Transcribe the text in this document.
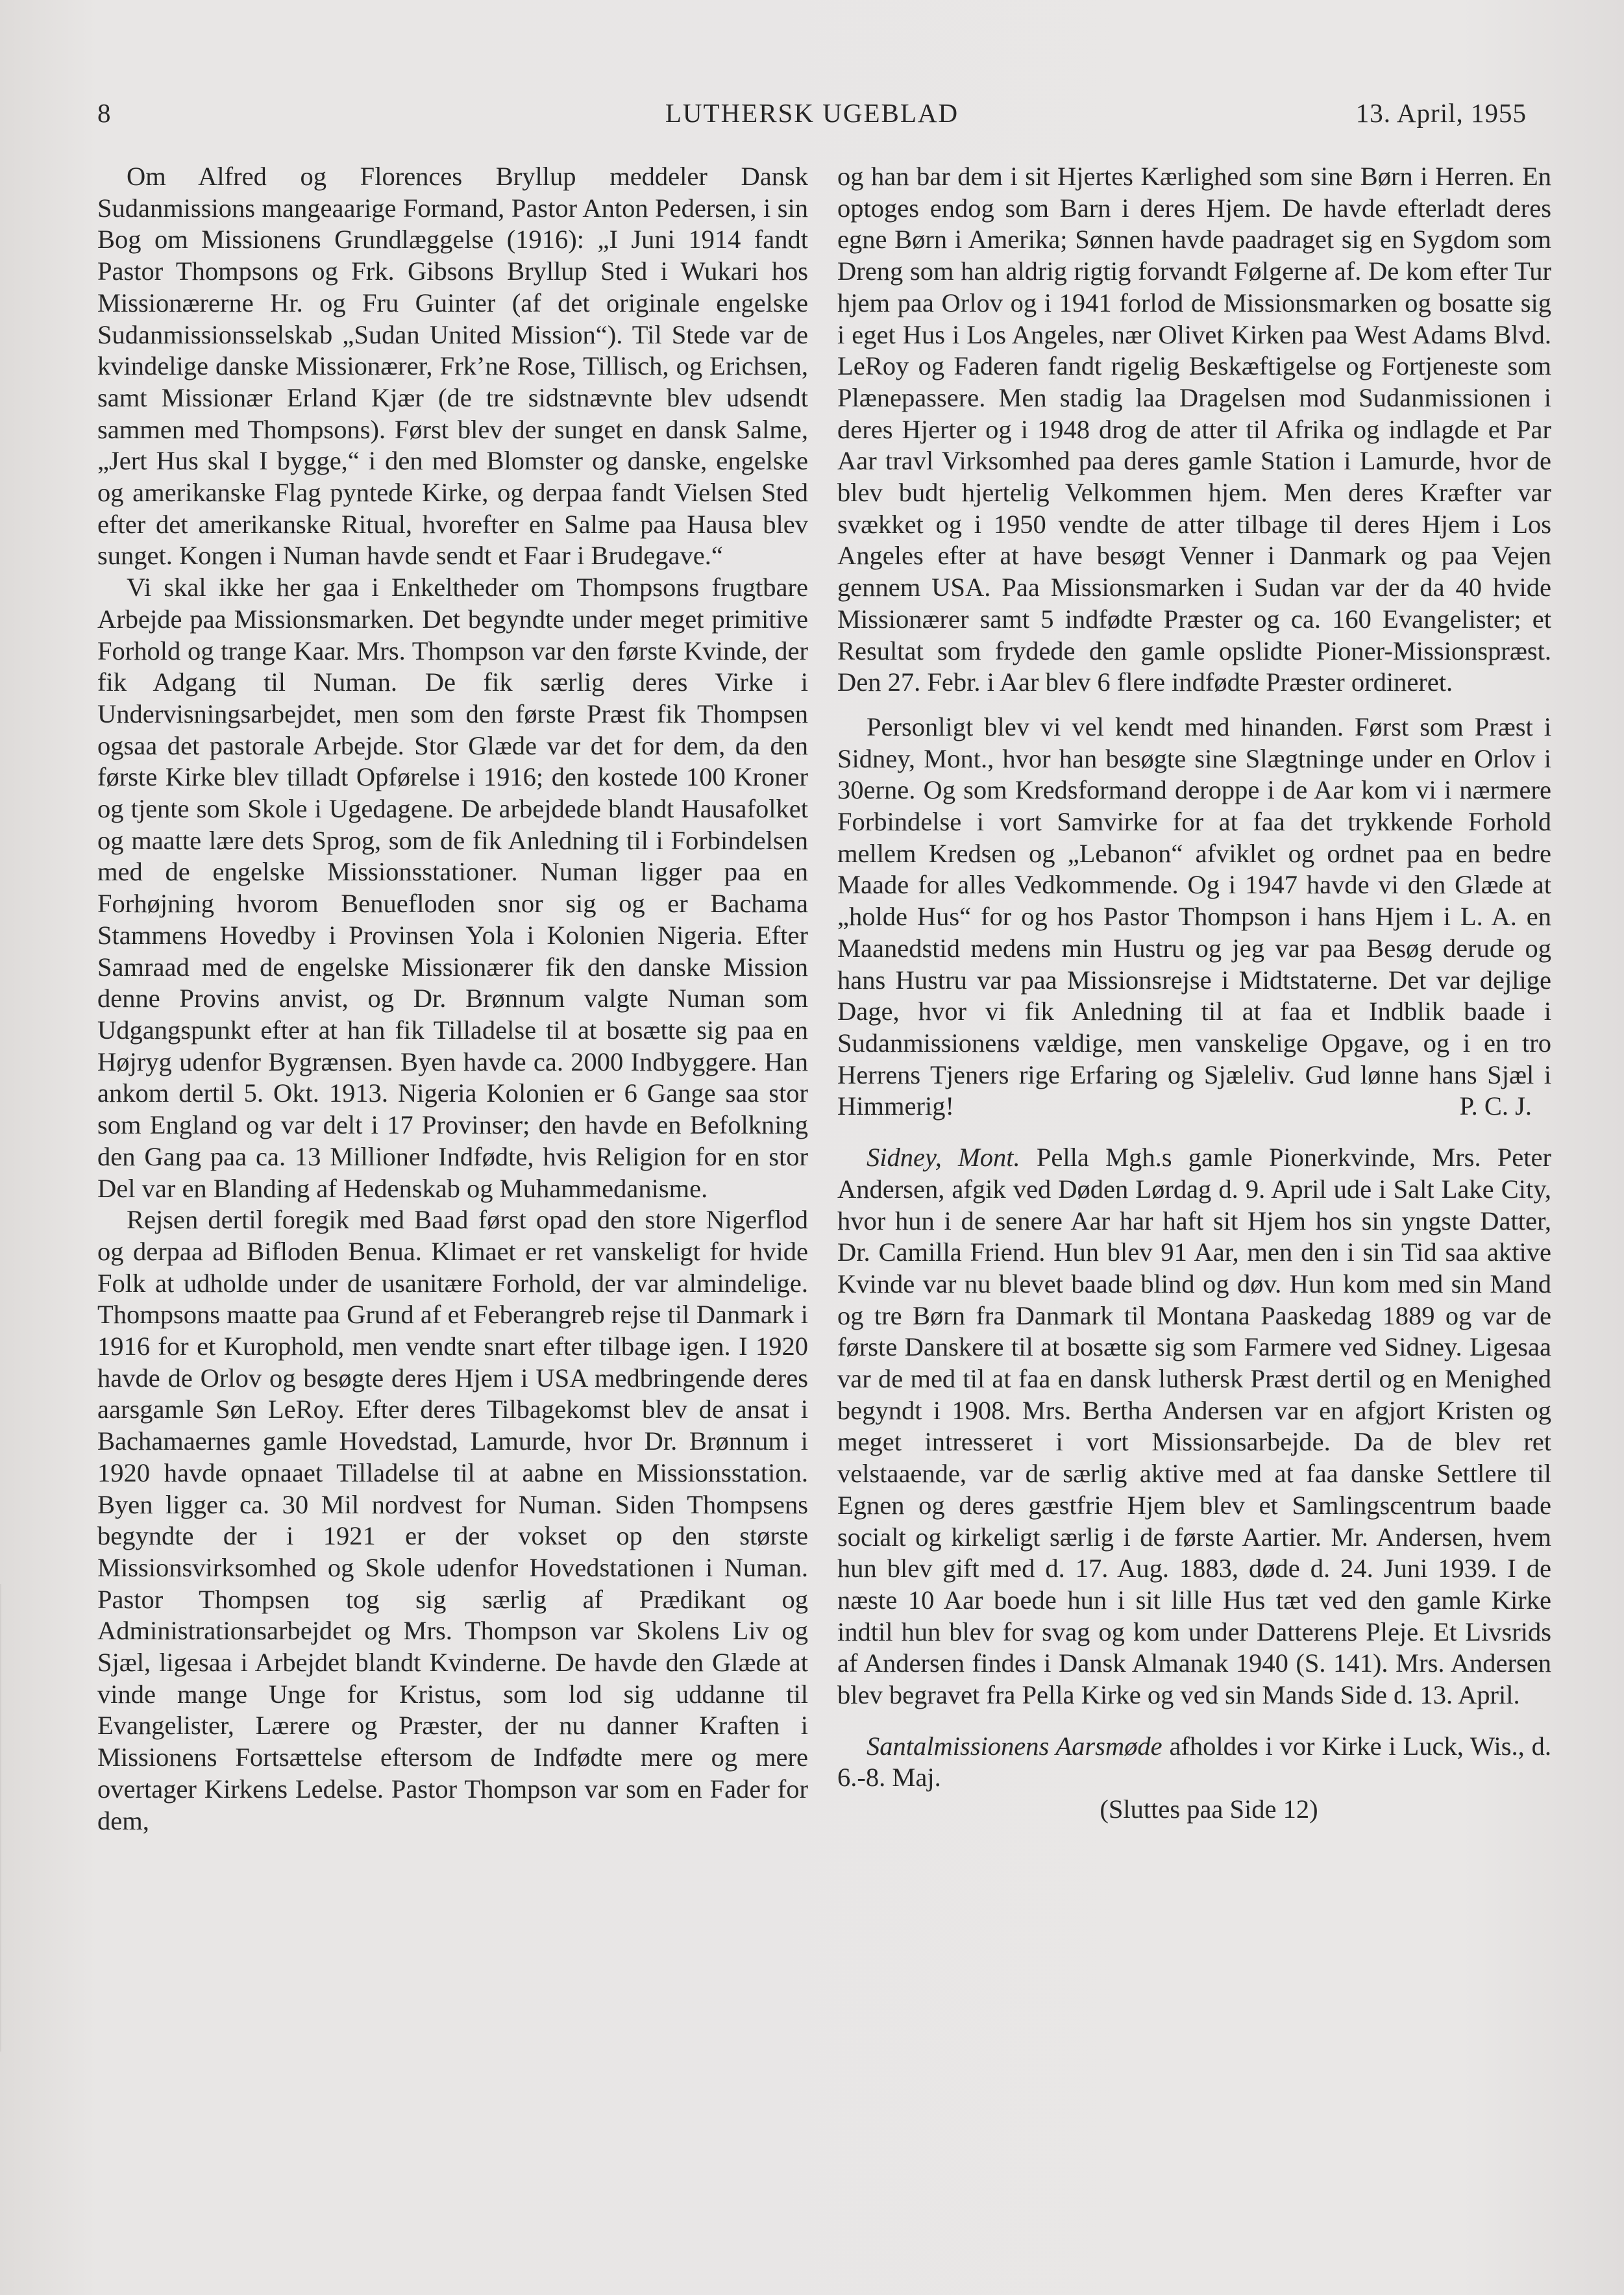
LUTHERSK UGEBLAD
8	13. April, 1955

Om Alfred og Florences Bryllup meddeler Dansk Sudanmissions mangeaarige Formand, Pastor Anton Pedersen, i sin Bog om Missionens Grundlæggelse (1916): „I Juni 1914 fandt Pastor Thompsons og Frk. Gibsons Bryllup Sted i Wukari hos Missionærerne Hr. og Fru Guinter (af det originale engelske Sudanmissionsselskab „Sudan United Mission“). Til Stede var de kvindelige danske Missionærer, Frk’ne Rose, Tillisch, og Erichsen, samt Missionær Erland Kjær (de tre sidstnævnte blev udsendt sammen med Thompsons). Først blev der sunget en dansk Salme, „Jert Hus skal I bygge,“ i den med Blomster og danske, engelske og amerikanske Flag pyntede Kirke, og derpaa fandt Vielsen Sted efter det amerikanske Ritual, hvorefter en Salme paa Hausa blev sunget. Kongen i Numan havde sendt et Faar i Brudegave.“

Vi skal ikke her gaa i Enkeltheder om Thompsons frugtbare Arbejde paa Missionsmarken. Det begyndte under meget primitive Forhold og trange Kaar. Mrs. Thompson var den første Kvinde, der fik Adgang til Numan. De fik særlig deres Virke i Undervisningsarbejdet, men som den første Præst fik Thompsen ogsaa det pastorale Arbejde. Stor Glæde var det for dem, da den første Kirke blev tilladt Opførelse i 1916; den kostede 100 Kroner og tjente som Skole i Ugedagene. De arbejdede blandt Hausafolket og maatte lære dets Sprog, som de fik Anledning til i Forbindelsen med de engelske Missionsstationer. Numan ligger paa en Forhøjning hvorom Benuefloden snor sig og er Bachama Stammens Hovedby i Provinsen Yola i Kolonien Nigeria. Efter Samraad med de engelske Missionærer fik den danske Mission denne Provins anvist, og Dr. Brønnum valgte Numan som Udgangspunkt efter at han fik Tilladelse til at bosætte sig paa en Højryg udenfor Bygrænsen. Byen havde ca. 2000 Indbyggere. Han ankom dertil 5. Okt. 1913. Nigeria Kolonien er 6 Gange saa stor som England og var delt i 17 Provinser; den havde en Befolkning den Gang paa ca. 13 Millioner Indfødte, hvis Religion for en stor Del var en Blanding af Hedenskab og Muhammedanisme.

Rejsen dertil foregik med Baad først opad den store Nigerflod og derpaa ad Bifloden Benua. Klimaet er ret vanskeligt for hvide Folk at udholde under de usanitære Forhold, der var almindelige. Thompsons maatte paa Grund af et Feberangreb rejse til Danmark i 1916 for et Kurophold, men vendte snart efter tilbage igen. I 1920 havde de Orlov og besøgte deres Hjem i USA medbringende deres aarsgamle Søn LeRoy. Efter deres Tilbagekomst blev de ansat i Bachamaernes gamle Hovedstad, Lamurde, hvor Dr. Brønnum i 1920 havde opnaaet Tilladelse til at aabne en Missionsstation. Byen ligger ca. 30 Mil nordvest for Numan. Siden Thompsens begyndte der i 1921 er der vokset op den største Missionsvirksomhed og Skole udenfor Hovedstationen i Numan. Pastor Thompsen tog sig særlig af Prædikant og Administrationsarbejdet og Mrs. Thompson var Skolens Liv og Sjæl, ligesaa i Arbejdet blandt Kvinderne. De havde den Glæde at vinde mange Unge for Kristus, som lod sig uddanne til Evangelister, Lærere og Præster, der nu danner Kraften i Missionens Fortsættelse eftersom de Indfødte mere og mere overtager Kirkens Ledelse. Pastor Thompson var som en Fader for dem,

og han bar dem i sit Hjertes Kærlighed som sine Børn i Herren. En optoges endog som Barn i deres Hjem. De havde efterladt deres egne Børn i Amerika; Sønnen havde paadraget sig en Sygdom som Dreng som han aldrig rigtig forvandt Følgerne af. De kom efter Tur hjem paa Orlov og i 1941 forlod de Missionsmarken og bosatte sig i eget Hus i Los Angeles, nær Olivet Kirken paa West Adams Blvd. LeRoy og Faderen fandt rigelig Beskæftigelse og Fortjeneste som Plænepassere. Men stadig laa Dragelsen mod Sudanmissionen i deres Hjerter og i 1948 drog de atter til Afrika og indlagde et Par Aar travl Virksomhed paa deres gamle Station i Lamurde, hvor de blev budt hjertelig Velkommen hjem. Men deres Kræfter var svækket og i 1950 vendte de atter tilbage til deres Hjem i Los Angeles efter at have besøgt Venner i Danmark og paa Vejen gennem USA. Paa Missionsmarken i Sudan var der da 40 hvide Missionærer samt 5 indfødte Præster og ca. 160 Evangelister; et Resultat som frydede den gamle opslidte Pioner-Missionspræst. Den 27. Febr. i Aar blev 6 flere indfødte Præster ordineret.

Personligt blev vi vel kendt med hinanden. Først som Præst i Sidney, Mont., hvor han besøgte sine Slægtninge under en Orlov i 30erne. Og som Kredsformand deroppe i de Aar kom vi i nærmere Forbindelse i vort Samvirke for at faa det trykkende Forhold mellem Kredsen og „Lebanon“ afviklet og ordnet paa en bedre Maade for alles Vedkommende. Og i 1947 havde vi den Glæde at „holde Hus“ for og hos Pastor Thompson i hans Hjem i L. A. en Maanedstid medens min Hustru og jeg var paa Besøg derude og hans Hustru var paa Missionsrejse i Midtstaterne. Det var dejlige Dage, hvor vi fik Anledning til at faa et Indblik baade i Sudanmissionens vældige, men vanskelige Opgave, og i en tro Herrens Tjeners rige Erfaring og Sjæleliv. Gud lønne hans Sjæl i Himmerig!	P. C. J.

Sidney, Mont. Pella Mgh.s gamle Pionerkvinde, Mrs. Peter Andersen, afgik ved Døden Lørdag d. 9. April ude i Salt Lake City, hvor hun i de senere Aar har haft sit Hjem hos sin yngste Datter, Dr. Camilla Friend. Hun blev 91 Aar, men den i sin Tid saa aktive Kvinde var nu blevet baade blind og døv. Hun kom med sin Mand og tre Børn fra Danmark til Montana Paaskedag 1889 og var de første Danskere til at bosætte sig som Farmere ved Sidney. Ligesaa var de med til at faa en dansk luthersk Præst dertil og en Menighed begyndt i 1908. Mrs. Bertha Andersen var en afgjort Kristen og meget intresseret i vort Missionsarbejde. Da de blev ret velstaaende, var de særlig aktive med at faa danske Settlere til Egnen og deres gæstfrie Hjem blev et Samlingscentrum baade socialt og kirkeligt særlig i de første Aartier. Mr. Andersen, hvem hun blev gift med d. 17. Aug. 1883, døde d. 24. Juni 1939. I de næste 10 Aar boede hun i sit lille Hus tæt ved den gamle Kirke indtil hun blev for svag og kom under Datterens Pleje. Et Livsrids af Andersen findes i Dansk Almanak 1940 (S. 141). Mrs. Andersen blev begravet fra Pella Kirke og ved sin Mands Side d. 13. April.

Santalmissionens Aarsmøde afholdes i vor Kirke i Luck, Wis., d. 6.-8. Maj.

(Sluttes paa Side 12)
